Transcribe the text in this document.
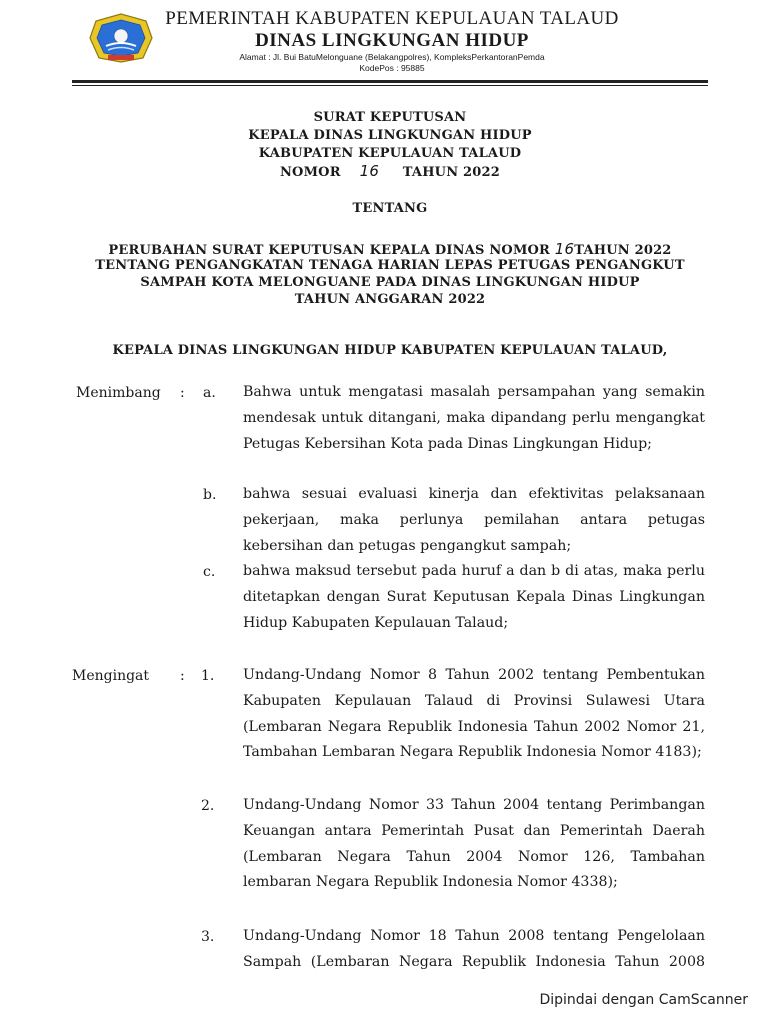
PEMERINTAH KABUPATEN KEPULAUAN TALAUD
DINAS LINGKUNGAN HIDUP
Alamat : Jl. Bui BatuMelonguane (Belakangpolres), KompleksPerkantoranPemda
KodePos : 95885
SURAT KEPUTUSAN
KEPALA DINAS LINGKUNGAN HIDUP
KABUPATEN KEPULAUAN TALAUD
NOMOR 16 TAHUN 2022
TENTANG
PERUBAHAN SURAT KEPUTUSAN KEPALA DINAS NOMOR 16TAHUN 2022
TENTANG PENGANGKATAN TENAGA HARIAN LEPAS PETUGAS PENGANGKUT
SAMPAH KOTA MELONGUANE PADA DINAS LINGKUNGAN HIDUP
TAHUN ANGGARAN 2022
KEPALA DINAS LINGKUNGAN HIDUP KABUPATEN KEPULAUAN TALAUD,
Menimbang : a. Bahwa untuk mengatasi masalah persampahan yang semakin mendesak untuk ditangani, maka dipandang perlu mengangkat Petugas Kebersihan Kota pada Dinas Lingkungan Hidup;
b. bahwa sesuai evaluasi kinerja dan efektivitas pelaksanaan pekerjaan, maka perlunya pemilahan antara petugas kebersihan dan petugas pengangkut sampah;
c. bahwa maksud tersebut pada huruf a dan b di atas, maka perlu ditetapkan dengan Surat Keputusan Kepala Dinas Lingkungan Hidup Kabupaten Kepulauan Talaud;
Mengingat : 1. Undang-Undang Nomor 8 Tahun 2002 tentang Pembentukan Kabupaten Kepulauan Talaud di Provinsi Sulawesi Utara (Lembaran Negara Republik Indonesia Tahun 2002 Nomor 21, Tambahan Lembaran Negara Republik Indonesia Nomor 4183);
2. Undang-Undang Nomor 33 Tahun 2004 tentang Perimbangan Keuangan antara Pemerintah Pusat dan Pemerintah Daerah (Lembaran Negara Tahun 2004 Nomor 126, Tambahan lembaran Negara Republik Indonesia Nomor 4338);
3. Undang-Undang Nomor 18 Tahun 2008 tentang Pengelolaan Sampah (Lembaran Negara Republik Indonesia Tahun 2008
Dipindai dengan CamScanner
